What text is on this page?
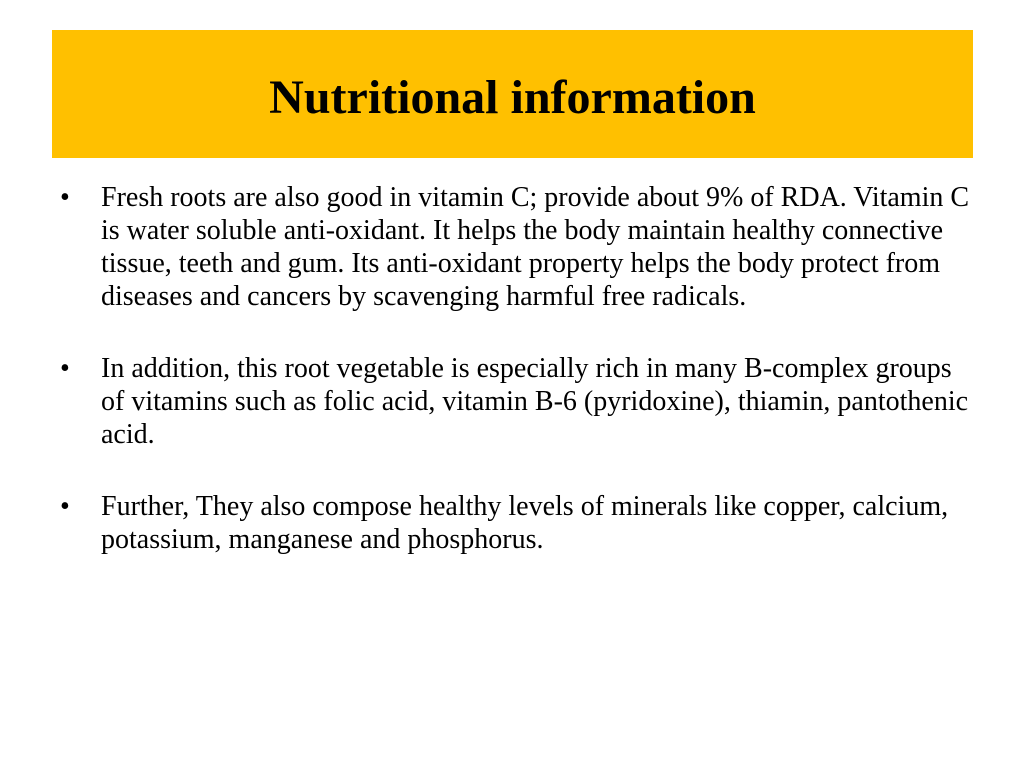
Nutritional information
•	Fresh roots are also good in vitamin C; provide about 9% of RDA. Vitamin C is water soluble anti-oxidant. It helps the body maintain healthy connective tissue, teeth and gum. Its anti-oxidant property helps the body protect from diseases and cancers by scavenging harmful free radicals.
•	In addition, this root vegetable is especially rich in many B-complex groups of vitamins such as folic acid, vitamin B-6 (pyridoxine), thiamin, pantothenic acid.
•	Further, They also compose healthy levels of minerals like copper, calcium, potassium, manganese and phosphorus.
